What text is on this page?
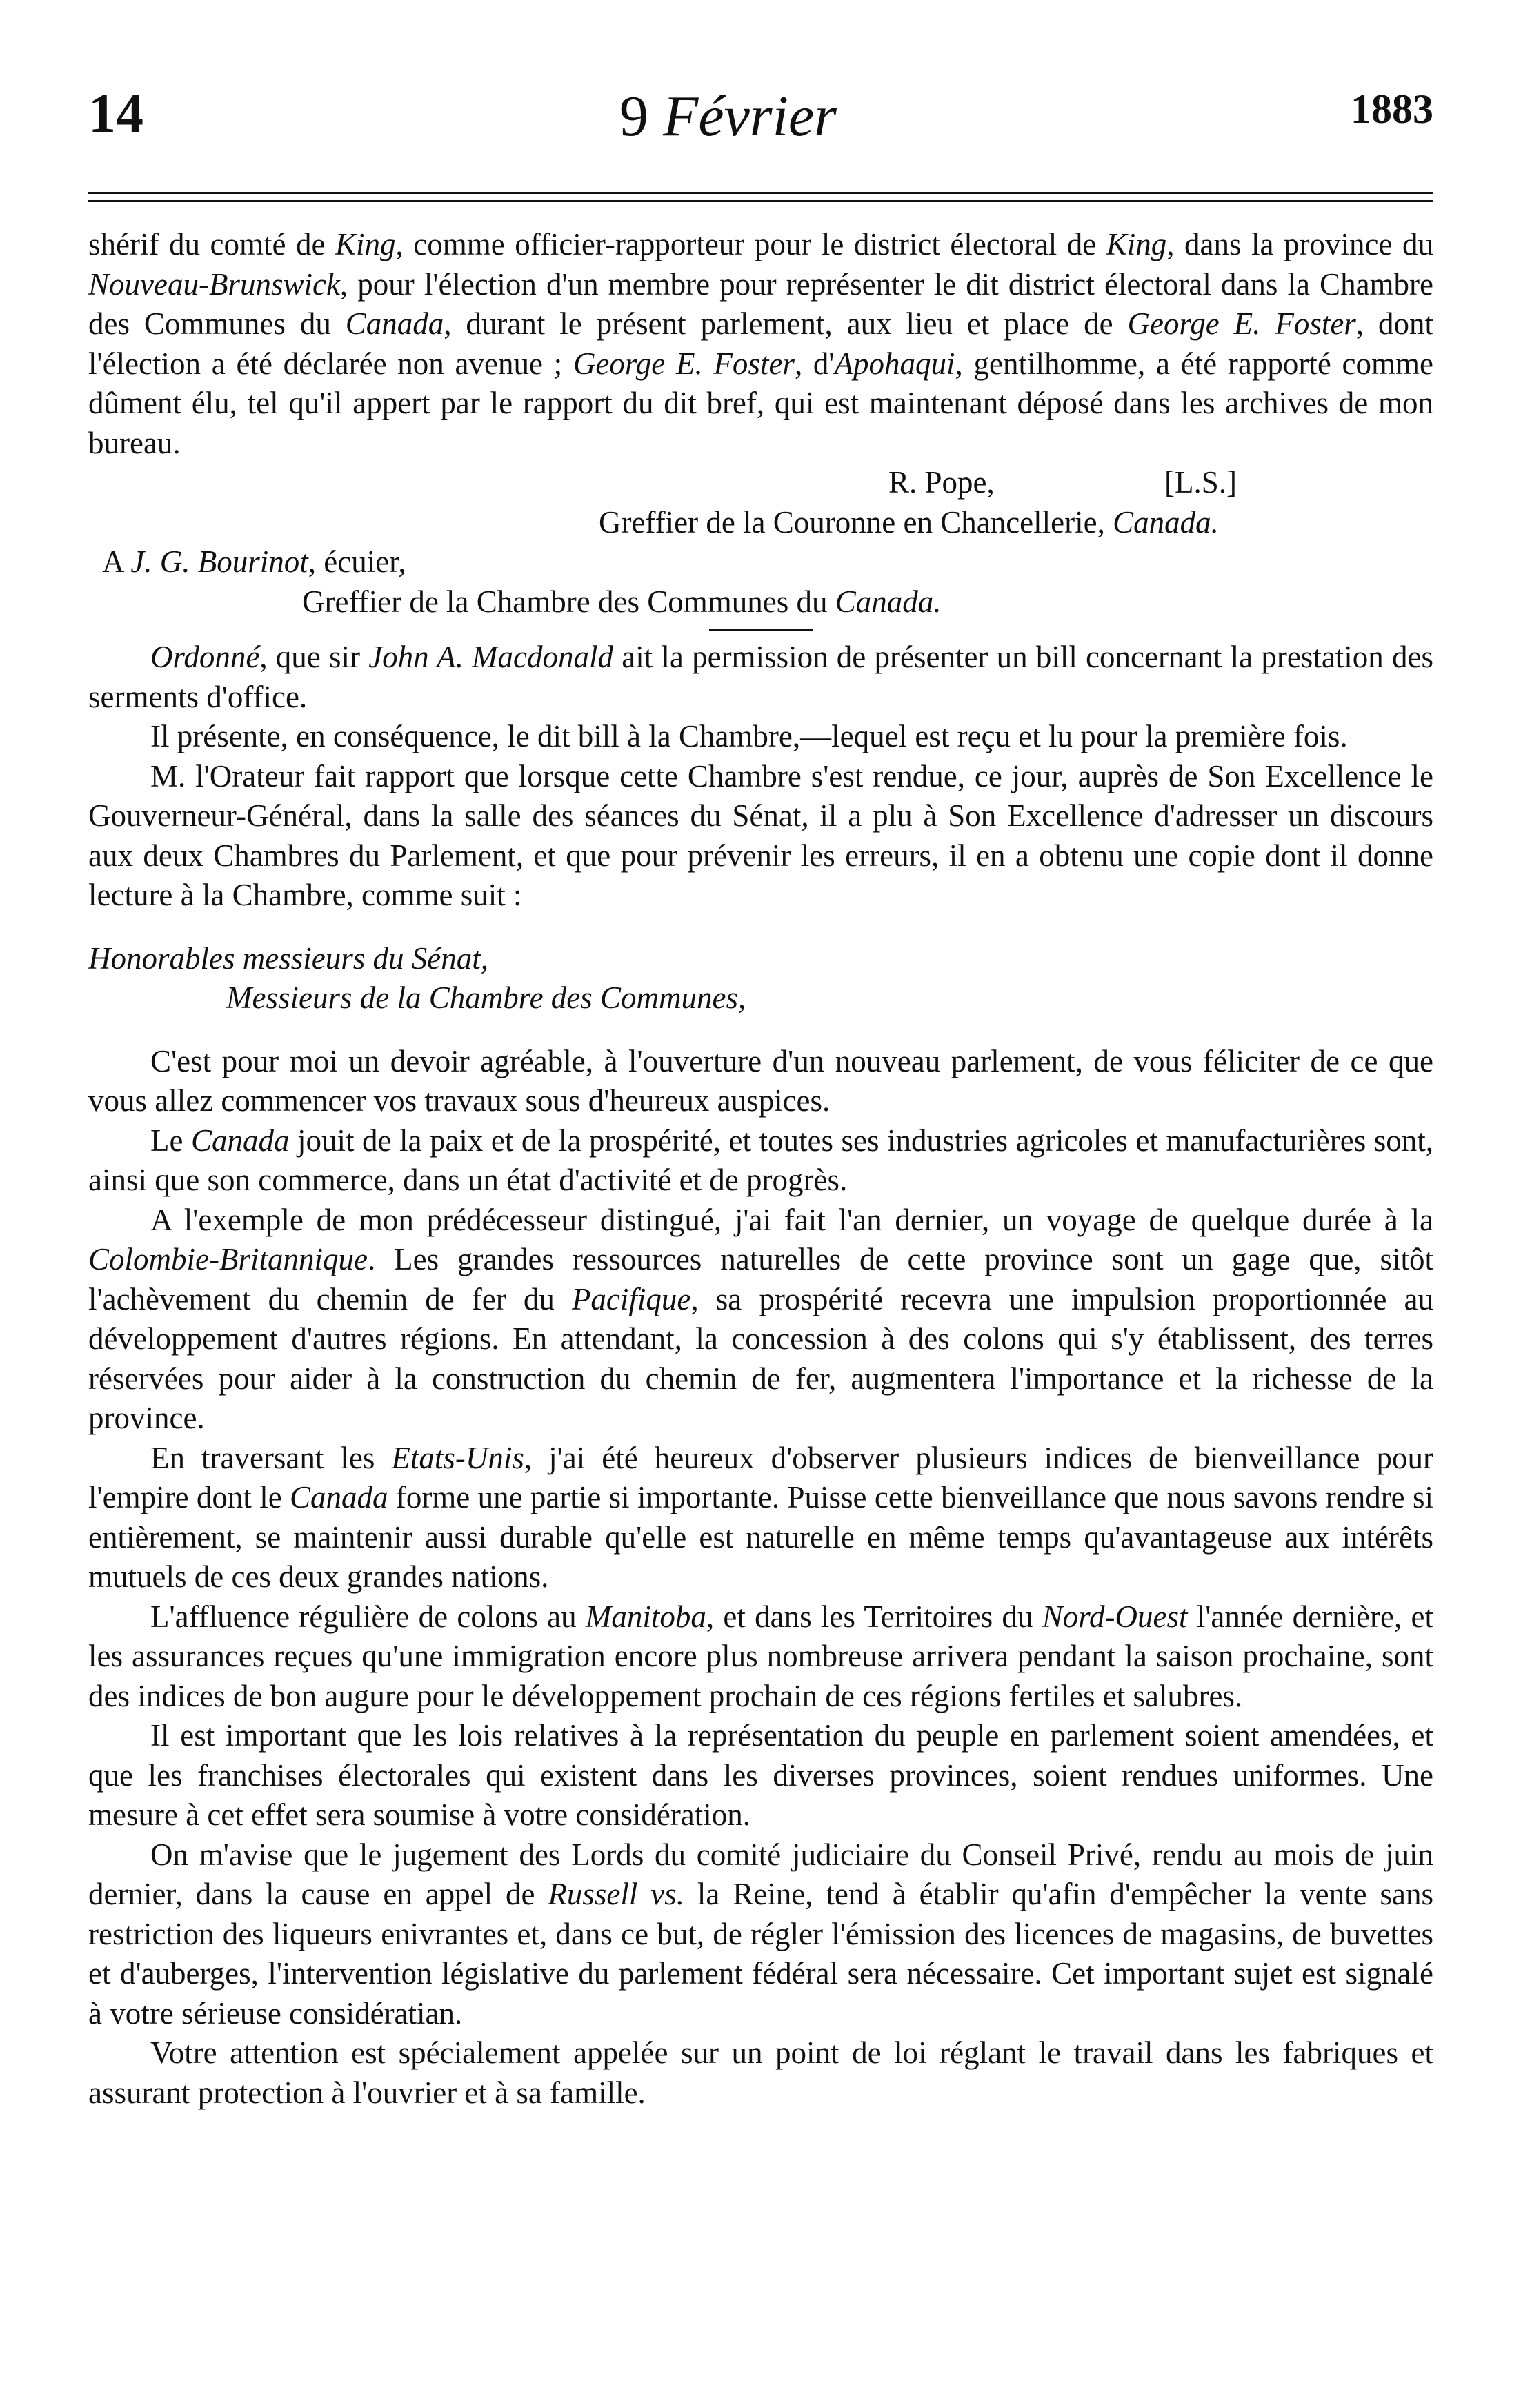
14	9 Février	1883

shérif du comté de King, comme officier-rapporteur pour le district électoral de King, dans la province du Nouveau-Brunswick, pour l'élection d'un membre pour représenter le dit district électoral dans la Chambre des Communes du Canada, durant le présent parlement, aux lieu et place de George E. Foster, dont l'élection a été déclarée non avenue ; George E. Foster, d'Apohaqui, gentilhomme, a été rapporté comme dûment élu, tel qu'il appert par le rapport du dit bref, qui est maintenant déposé dans les archives de mon bureau.

R. Pope,	[L.S.]
Greffier de la Couronne en Chancellerie, Canada.
A J. G. Bourinot, écuier,
Greffier de la Chambre des Communes du Canada.

Ordonné, que sir John A. Macdonald ait la permission de présenter un bill concernant la prestation des serments d'office.

Il présente, en conséquence, le dit bill à la Chambre,—lequel est reçu et lu pour la première fois.

M. l'Orateur fait rapport que lorsque cette Chambre s'est rendue, ce jour, auprès de Son Excellence le Gouverneur-Général, dans la salle des séances du Sénat, il a plu à Son Excellence d'adresser un discours aux deux Chambres du Parlement, et que pour prévenir les erreurs, il en a obtenu une copie dont il donne lecture à la Chambre, comme suit :

Honorables messieurs du Sénat,
Messieurs de la Chambre des Communes,

C'est pour moi un devoir agréable, à l'ouverture d'un nouveau parlement, de vous féliciter de ce que vous allez commencer vos travaux sous d'heureux auspices.

Le Canada jouit de la paix et de la prospérité, et toutes ses industries agricoles et manufacturières sont, ainsi que son commerce, dans un état d'activité et de progrès.

A l'exemple de mon prédécesseur distingué, j'ai fait l'an dernier, un voyage de quelque durée à la Colombie-Britannique. Les grandes ressources naturelles de cette province sont un gage que, sitôt l'achèvement du chemin de fer du Pacifique, sa prospérité recevra une impulsion proportionnée au développement d'autres régions. En attendant, la concession à des colons qui s'y établissent, des terres réservées pour aider à la construction du chemin de fer, augmentera l'importance et la richesse de la province.

En traversant les Etats-Unis, j'ai été heureux d'observer plusieurs indices de bienveillance pour l'empire dont le Canada forme une partie si importante. Puisse cette bienveillance que nous savons rendre si entièrement, se maintenir aussi durable qu'elle est naturelle en même temps qu'avantageuse aux intérêts mutuels de ces deux grandes nations.

L'affluence régulière de colons au Manitoba, et dans les Territoires du Nord-Ouest l'année dernière, et les assurances reçues qu'une immigration encore plus nombreuse arrivera pendant la saison prochaine, sont des indices de bon augure pour le développement prochain de ces régions fertiles et salubres.

Il est important que les lois relatives à la représentation du peuple en parlement soient amendées, et que les franchises électorales qui existent dans les diverses provinces, soient rendues uniformes. Une mesure à cet effet sera soumise à votre considération.

On m'avise que le jugement des Lords du comité judiciaire du Conseil Privé, rendu au mois de juin dernier, dans la cause en appel de Russell vs. la Reine, tend à établir qu'afin d'empêcher la vente sans restriction des liqueurs enivrantes et, dans ce but, de régler l'émission des licences de magasins, de buvettes et d'auberges, l'intervention législative du parlement fédéral sera nécessaire. Cet important sujet est signalé à votre sérieuse considératian.

Votre attention est spécialement appelée sur un point de loi réglant le travail dans les fabriques et assurant protection à l'ouvrier et à sa famille.
